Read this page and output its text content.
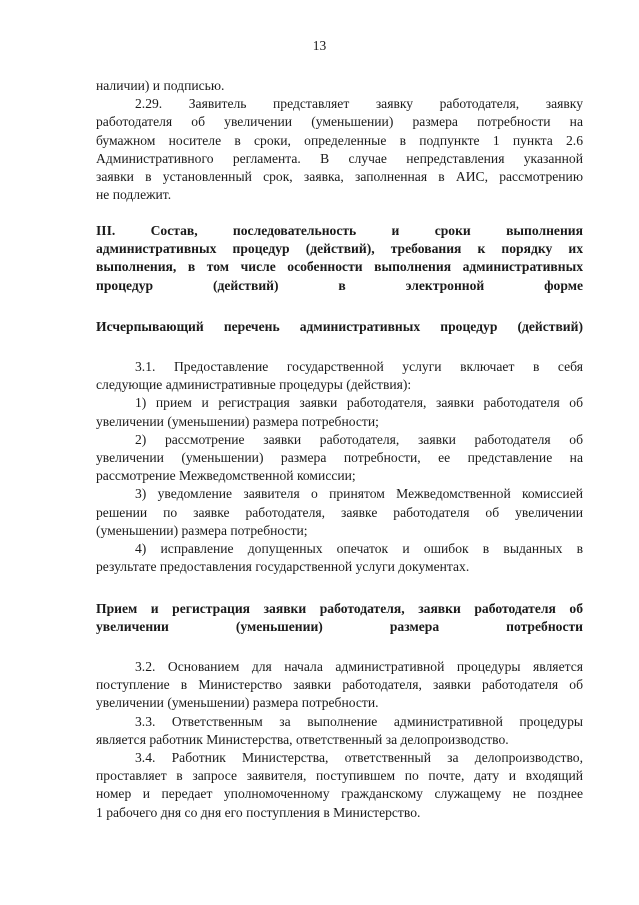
13

наличии) и подписью.
2.29. Заявитель представляет заявку работодателя, заявку
работодателя об увеличении (уменьшении) размера потребности на
бумажном носителе в сроки, определенные в подпункте 1 пункта 2.6
Административного регламента. В случае непредставления указанной
заявки в установленный срок, заявка, заполненная в АИС, рассмотрению
не подлежит.

III. Состав, последовательность и сроки выполнения
административных процедур (действий), требования к порядку их
выполнения, в том числе особенности выполнения административных
процедур (действий) в электронной форме

Исчерпывающий перечень административных процедур (действий)

3.1. Предоставление государственной услуги включает в себя
следующие административные процедуры (действия):
1) прием и регистрация заявки работодателя, заявки работодателя об
увеличении (уменьшении) размера потребности;
2) рассмотрение заявки работодателя, заявки работодателя об
увеличении (уменьшении) размера потребности, ее представление на
рассмотрение Межведомственной комиссии;
3) уведомление заявителя о принятом Межведомственной комиссией
решении по заявке работодателя, заявке работодателя об увеличении
(уменьшении) размера потребности;
4) исправление допущенных опечаток и ошибок в выданных в
результате предоставления государственной услуги документах.

Прием и регистрация заявки работодателя, заявки работодателя об
увеличении (уменьшении) размера потребности

3.2. Основанием для начала административной процедуры является
поступление в Министерство заявки работодателя, заявки работодателя об
увеличении (уменьшении) размера потребности.
3.3. Ответственным за выполнение административной процедуры
является работник Министерства, ответственный за делопроизводство.
3.4. Работник Министерства, ответственный за делопроизводство,
проставляет в запросе заявителя, поступившем по почте, дату и входящий
номер и передает уполномоченному гражданскому служащему не позднее
1 рабочего дня со дня его поступления в Министерство.
